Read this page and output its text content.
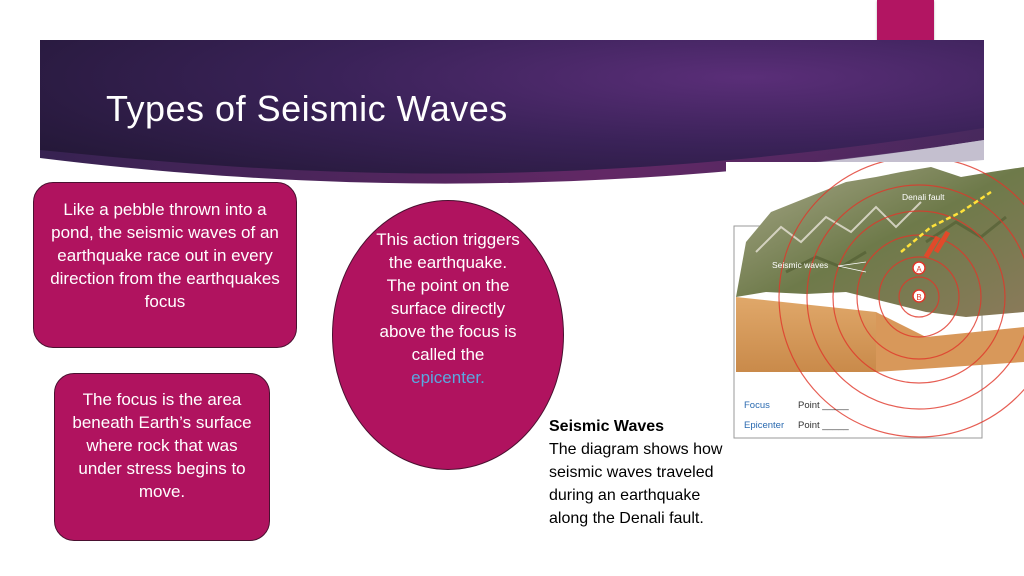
Types of Seismic Waves
Like a pebble thrown into a pond, the seismic waves of an earthquake race out in every direction from the earthquakes focus
The focus is the area beneath Earth’s surface where rock that was under stress begins to move.
This action triggers the earthquake. The point on the surface directly above the focus is called the epicenter.
Seismic Waves
The diagram shows how seismic waves traveled during an earthquake along the Denali fault.
A
B
Denali fault
Seismic waves
Focus	Point _____
Epicenter Point _____
